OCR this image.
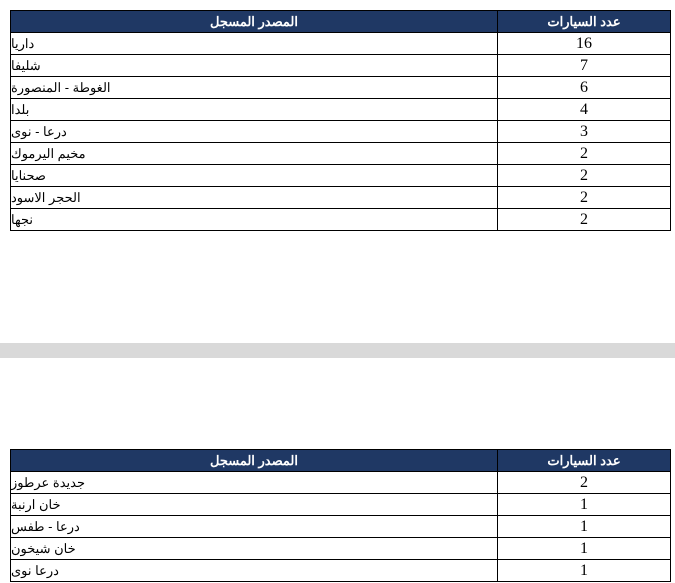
المصدر المسجل	عدد السيارات
داريا	16
شليفا	7
الغوطة - المنصورة	6
بلدا	4
درعا - نوى	3
مخيم اليرموك	2
صحنايا	2
الحجر الاسود	2
نجها	2
المصدر المسجل	عدد السيارات
جديدة عرطوز	2
خان ارنبة	1
درعا - طفس	1
خان شيخون	1
درعا نوى	1
